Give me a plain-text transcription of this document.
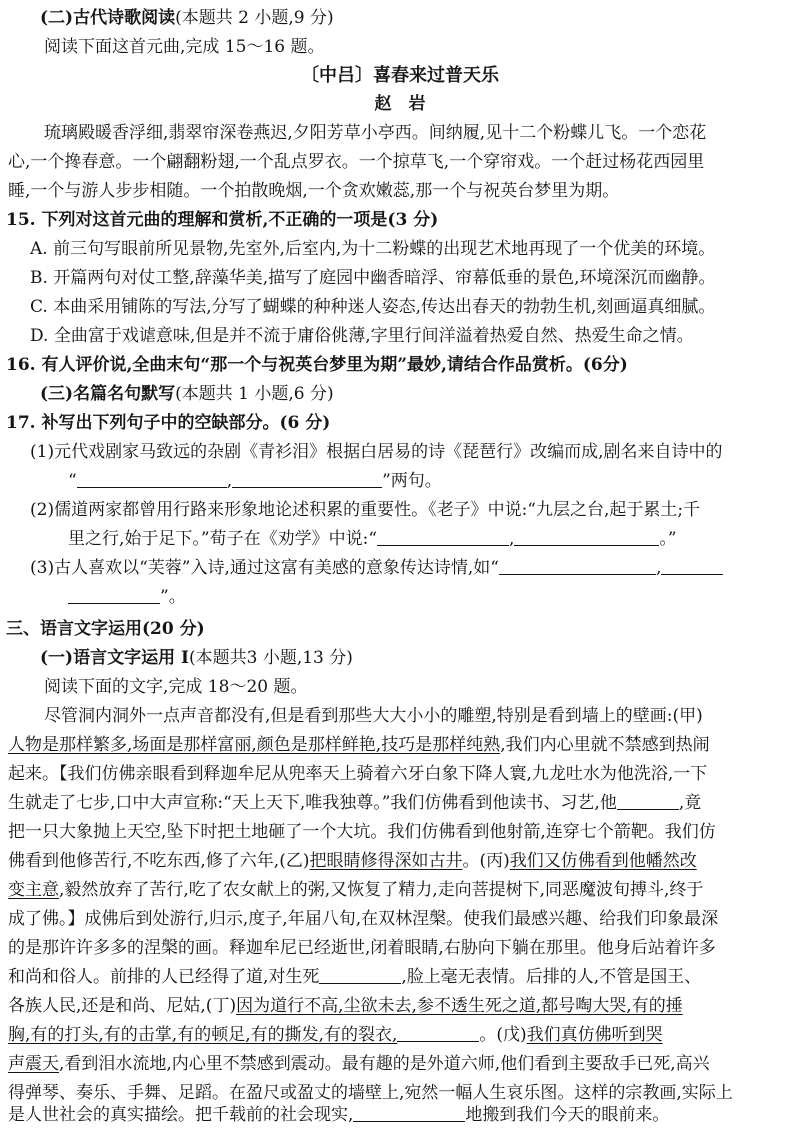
(二)古代诗歌阅读(本题共 2 小题,9 分)
阅读下面这首元曲,完成 15～16 题。
〔中吕〕喜春来过普天乐
赵　岩
琉璃殿暖香浮细,翡翠帘深卷燕迟,夕阳芳草小亭西。间纳履,见十二个粉蝶儿飞。一个恋花
心,一个搀春意。一个翩翻粉翅,一个乱点罗衣。一个掠草飞,一个穿帘戏。一个赶过杨花西园里
睡,一个与游人步步相随。一个拍散晚烟,一个贪欢嫩蕊,那一个与祝英台梦里为期。
15. 下列对这首元曲的理解和赏析,不正确的一项是(3 分)
A. 前三句写眼前所见景物,先室外,后室内,为十二粉蝶的出现艺术地再现了一个优美的环境。
B. 开篇两句对仗工整,辞藻华美,描写了庭园中幽香暗浮、帘幕低垂的景色,环境深沉而幽静。
C. 本曲采用铺陈的写法,分写了蝴蝶的种种迷人姿态,传达出春天的勃勃生机,刻画逼真细腻。
D. 全曲富于戏谑意味,但是并不流于庸俗佻薄,字里行间洋溢着热爱自然、热爱生命之情。
16. 有人评价说,全曲末句“那一个与祝英台梦里为期”最妙,请结合作品赏析。(6分)
(三)名篇名句默写(本题共 1 小题,6 分)
17. 补写出下列句子中的空缺部分。(6 分)
(1)元代戏剧家马致远的杂剧《青衫泪》根据白居易的诗《琵琶行》改编而成,剧名来自诗中的
“	,	”两句。
(2)儒道两家都曾用行路来形象地论述积累的重要性。《老子》中说:“九层之台,起于累土;千
里之行,始于足下。”荀子在《劝学》中说:“	,	。”
(3)古人喜欢以“芙蓉”入诗,通过这富有美感的意象传达诗情,如“	,
”。
三、语言文字运用(20 分)
(一)语言文字运用 Ⅰ(本题共3 小题,13 分)
阅读下面的文字,完成 18～20 题。
尽管洞内洞外一点声音都没有,但是看到那些大大小小的雕塑,特别是看到墙上的壁画:(甲)
人物是那样繁多,场面是那样富丽,颜色是那样鲜艳,技巧是那样纯熟,我们内心里就不禁感到热闹
起来。【我们仿佛亲眼看到释迦牟尼从兜率天上骑着六牙白象下降人寰,九龙吐水为他洗浴,一下
生就走了七步,口中大声宣称:“天上天下,唯我独尊。”我们仿佛看到他读书、习艺,他	,竟
把一只大象抛上天空,坠下时把土地砸了一个大坑。我们仿佛看到他射箭,连穿七个箭靶。我们仿
佛看到他修苦行,不吃东西,修了六年,(乙)把眼睛修得深如古井。(丙)我们又仿佛看到他幡然改
变主意,毅然放弃了苦行,吃了农女献上的粥,又恢复了精力,走向菩提树下,同恶魔波旬搏斗,终于
成了佛。】成佛后到处游行,归示,度子,年届八旬,在双林涅槃。使我们最感兴趣、给我们印象最深
的是那许许多多的涅槃的画。释迦牟尼已经逝世,闭着眼睛,右胁向下躺在那里。他身后站着许多
和尚和俗人。前排的人已经得了道,对生死	,脸上毫无表情。后排的人,不管是国王、
各族人民,还是和尚、尼姑,(丁)因为道行不高,尘欲未去,参不透生死之道,都号啕大哭,有的捶
胸,有的打头,有的击掌,有的顿足,有的撕发,有的裂衣,	。(戊)我们真仿佛听到哭
声震天,看到泪水流地,内心里不禁感到震动。最有趣的是外道六师,他们看到主要敌手已死,高兴
得弹琴、奏乐、手舞、足蹈。在盈尺或盈丈的墙壁上,宛然一幅人生哀乐图。这样的宗教画,实际上
是人世社会的真实描绘。把千载前的社会现实,	地搬到我们今天的眼前来。
